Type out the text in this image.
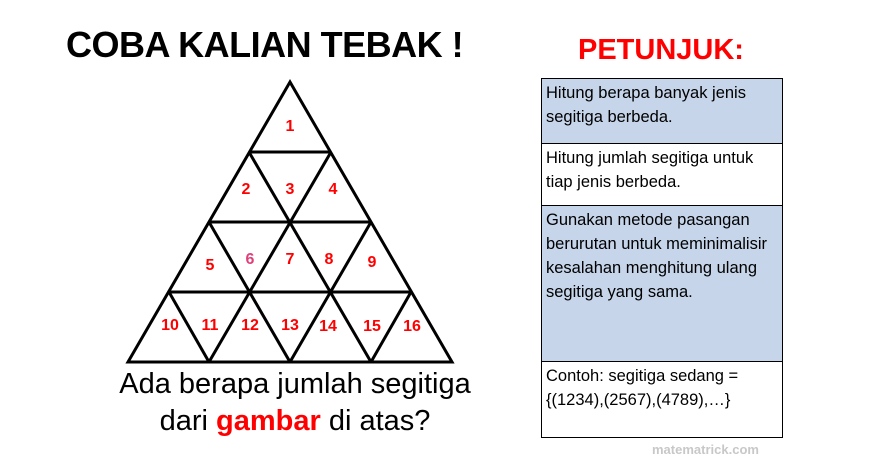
COBA KALIAN TEBAK !	PETUNJUK:
1
2 3 4
5 6 7 8 9
10 11 12 13 14 15 16
Ada berapa jumlah segitiga
dari gambar di atas?
Hitung berapa banyak jenis segitiga berbeda.
Hitung jumlah segitiga untuk tiap jenis berbeda.
Gunakan metode pasangan berurutan untuk meminimalisir kesalahan menghitung ulang segitiga yang sama.
Contoh: segitiga sedang ={(1234),(2567),(4789),…}
matematrick.com
